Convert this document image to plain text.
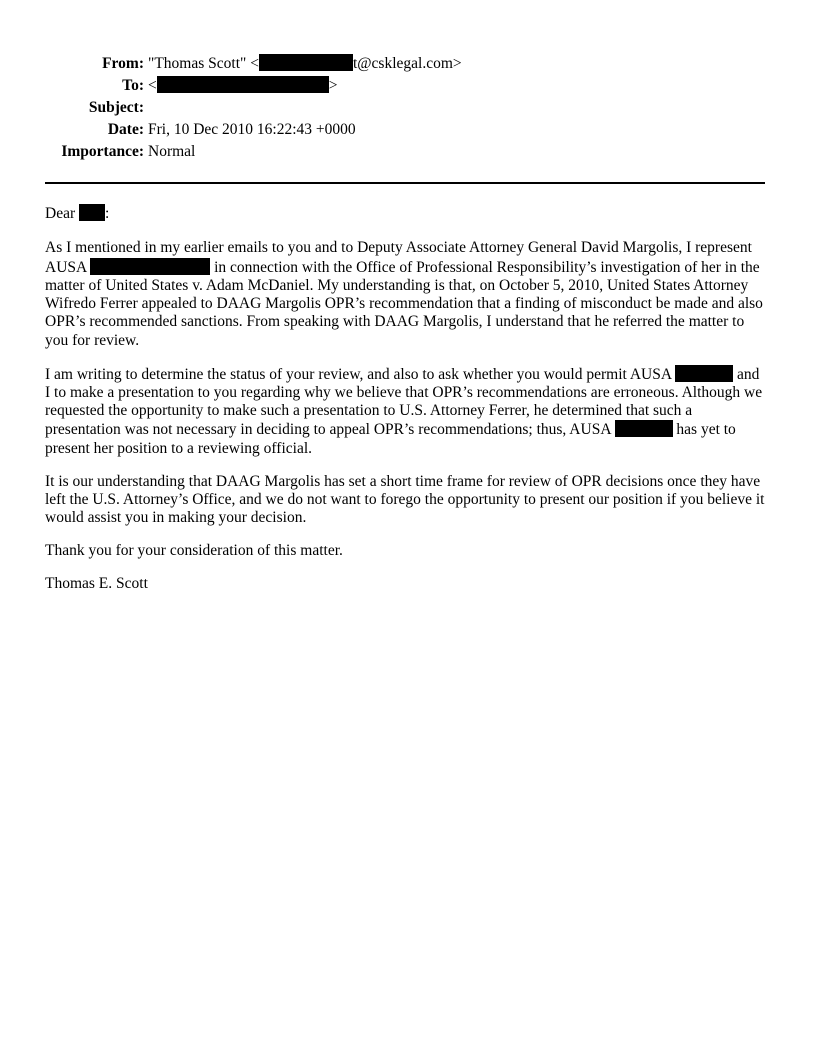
From: "Thomas Scott" <	t@csklegal.com>
To: <	>
Subject:
Date: Fri, 10 Dec 2010 16:22:43 +0000
Importance: Normal

Dear :

As I mentioned in my earlier emails to you and to Deputy Associate Attorney General David Margolis, I represent AUSA	in connection with the Office of Professional Responsibility’s investigation of her in the matter of United States v. Adam McDaniel. My understanding is that, on October 5, 2010, United States Attorney Wifredo Ferrer appealed to DAAG Margolis OPR’s recommendation that a finding of misconduct be made and also OPR’s recommended sanctions. From speaking with DAAG Margolis, I understand that he referred the matter to you for review.

I am writing to determine the status of your review, and also to ask whether you would permit AUSA	and I to make a presentation to you regarding why we believe that OPR’s recommendations are erroneous. Although we requested the opportunity to make such a presentation to U.S. Attorney Ferrer, he determined that such a presentation was not necessary in deciding to appeal OPR’s recommendations; thus, AUSA	has yet to present her position to a reviewing official.

It is our understanding that DAAG Margolis has set a short time frame for review of OPR decisions once they have left the U.S. Attorney’s Office, and we do not want to forego the opportunity to present our position if you believe it would assist you in making your decision.

Thank you for your consideration of this matter.

Thomas E. Scott
